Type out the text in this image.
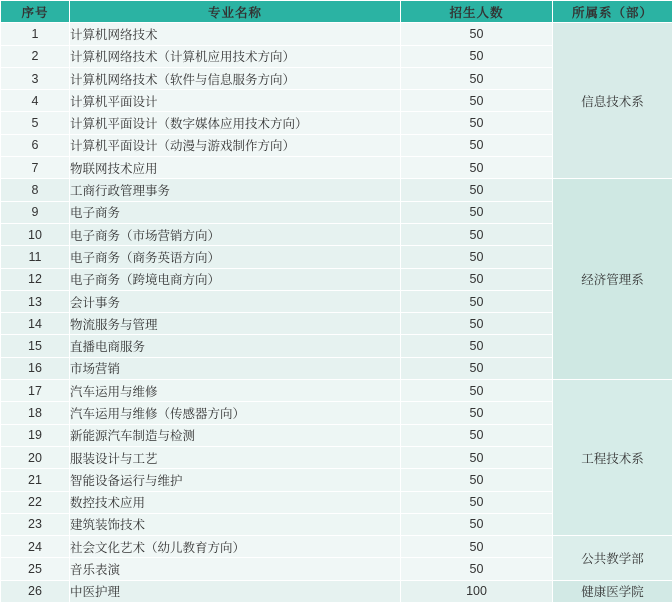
序号	专业名称	招生人数	所属系（部）
1	计算机网络技术	50	信息技术系
2	计算机网络技术（计算机应用技术方向）	50	
3	计算机网络技术（软件与信息服务方向）	50	
4	计算机平面设计	50	
5	计算机平面设计（数字媒体应用技术方向）	50	
6	计算机平面设计（动漫与游戏制作方向）	50	
7	物联网技术应用	50	
8	工商行政管理事务	50	经济管理系
9	电子商务	50	
10	电子商务（市场营销方向）	50	
11	电子商务（商务英语方向）	50	
12	电子商务（跨境电商方向）	50	
13	会计事务	50	
14	物流服务与管理	50	
15	直播电商服务	50	
16	市场营销	50	
17	汽车运用与维修	50	工程技术系
18	汽车运用与维修（传感器方向）	50	
19	新能源汽车制造与检测	50	
20	服装设计与工艺	50	
21	智能设备运行与维护	50	
22	数控技术应用	50	
23	建筑装饰技术	50	
24	社会文化艺术（幼儿教育方向）	50	公共教学部
25	音乐表演	50	
26	中医护理	100	健康医学院
